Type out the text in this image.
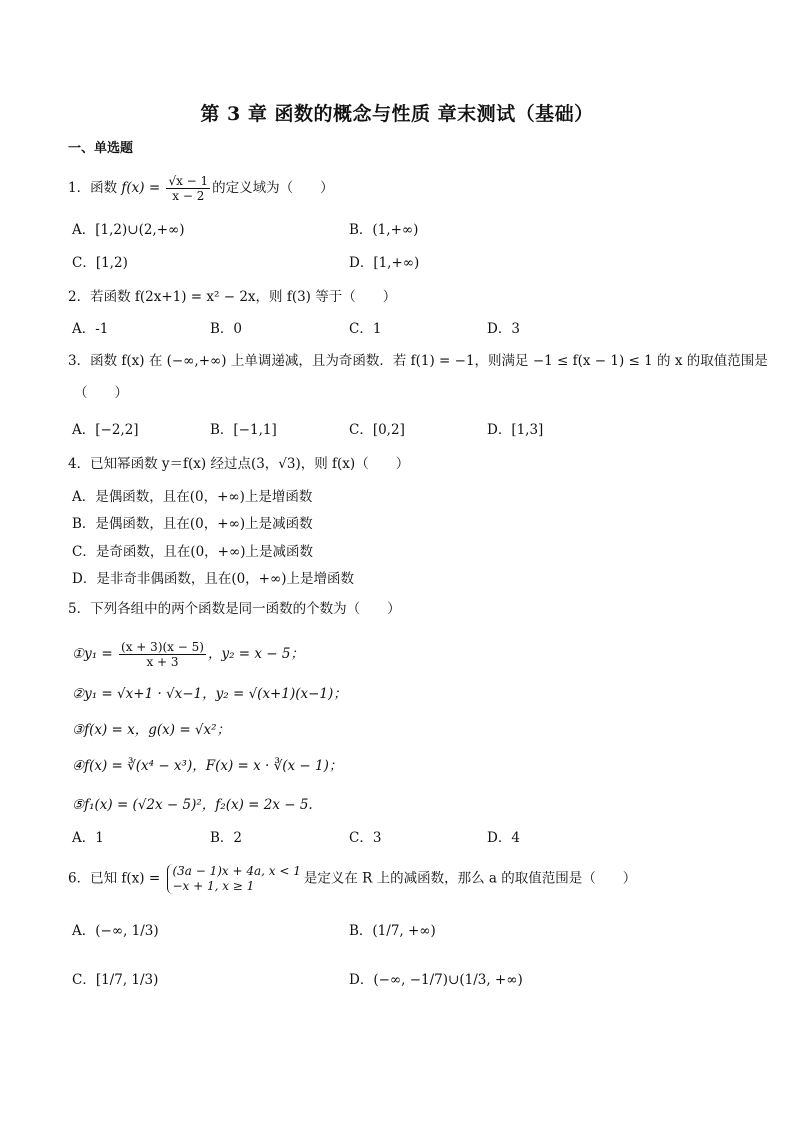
第 3 章 函数的概念与性质 章末测试（基础）
一、单选题
1．函数 $f(x) = \frac{√x - 1}{x - 2}$ 的定义域为（　　）
A．[1,2)∪(2,+∞)	B．(1,+∞)
C．[1,2)	D．[1,+∞)
2．若函数 f(2x+1) = x² − 2x，则 f(3) 等于（　　）
A．-1	B．0	C．1	D．3
3．函数 f(x) 在 (−∞,+∞) 上单调递减，且为奇函数．若 f(1) = −1，则满足 −1 ≤ f(x − 1) ≤ 1 的 x 的取值范围是
（　　）
A．[−2,2]	B．[−1,1]	C．[0,2]	D．[1,3]
4．已知幂函数 y＝f(x) 经过点(3，√3)，则 f(x)（　　）
A．是偶函数，且在(0，+∞)上是增函数
B．是偶函数，且在(0，+∞)上是减函数
C．是奇函数，且在(0，+∞)上是减函数
D．是非奇非偶函数，且在(0，+∞)上是增函数
5．下列各组中的两个函数是同一函数的个数为（　　）
①y₁ = $\frac{(x + 3)(x - 5)}{x + 3}$ ，y₂ = x − 5；
②y₁ = √x+1 · √x−1，y₂ = √(x+1)(x−1)；
③f(x) = x，g(x) = √x²；
④f(x) = ∛(x⁴ − x³)，F(x) = x · ∛(x − 1)；
⑤f₁(x) = (√2x − 5)²，f₂(x) = 2x − 5.
A．1	B．2	C．3	D．4
6．已知 f(x) = (3a − 1)x + 4a, x < 1
−x + 1, x ≥ 1	是定义在 R 上的减函数，那么 a 的取值范围是（　　）
A．(−∞, 1/3)	B．(1/7, +∞)
C．[1/7, 1/3)	D．(−∞, −1/7)∪(1/3, +∞)
